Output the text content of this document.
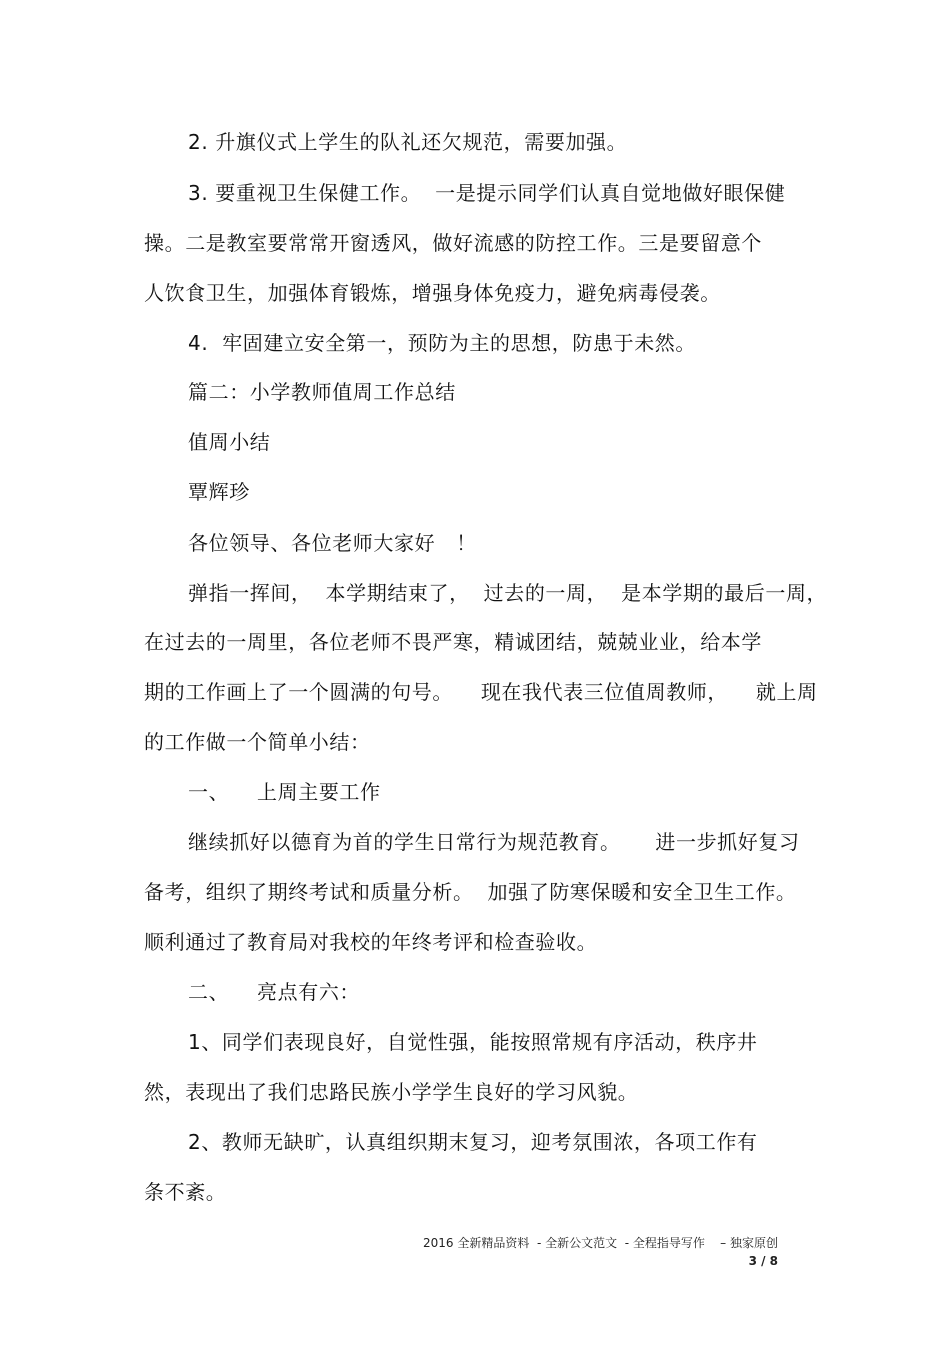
2. 升旗仪式上学生的队礼还欠规范，需要加强。
3. 要重视卫生保健工作。  一是提示同学们认真自觉地做好眼保健
操。二是教室要常常开窗透风，做好流感的防控工作。三是要留意个
人饮食卫生，加强体育锻炼，增强身体免疫力，避免病毒侵袭。
4.  牢固建立安全第一，预防为主的思想，防患于未然。
篇二：小学教师值周工作总结
值周小结
覃辉珍
各位领导、各位老师大家好   ！
弹指一挥间，  本学期结束了，  过去的一周，  是本学期的最后一周，
在过去的一周里，各位老师不畏严寒，精诚团结，兢兢业业，给本学
期的工作画上了一个圆满的句号。    现在我代表三位值周教师，    就上周
的工作做一个简单小结：
一、    上周主要工作
继续抓好以德育为首的学生日常行为规范教育。     进一步抓好复习
备考，组织了期终考试和质量分析。  加强了防寒保暖和安全卫生工作。
顺利通过了教育局对我校的年终考评和检查验收。
二、    亮点有六：
1、同学们表现良好，自觉性强，能按照常规有序活动，秩序井
然，表现出了我们忠路民族小学学生良好的学习风貌。
2、教师无缺旷，认真组织期末复习，迎考氛围浓，各项工作有
条不紊。
2016 全新精品资料  - 全新公文范文  - 全程指导写作    – 独家原创
3 / 8
